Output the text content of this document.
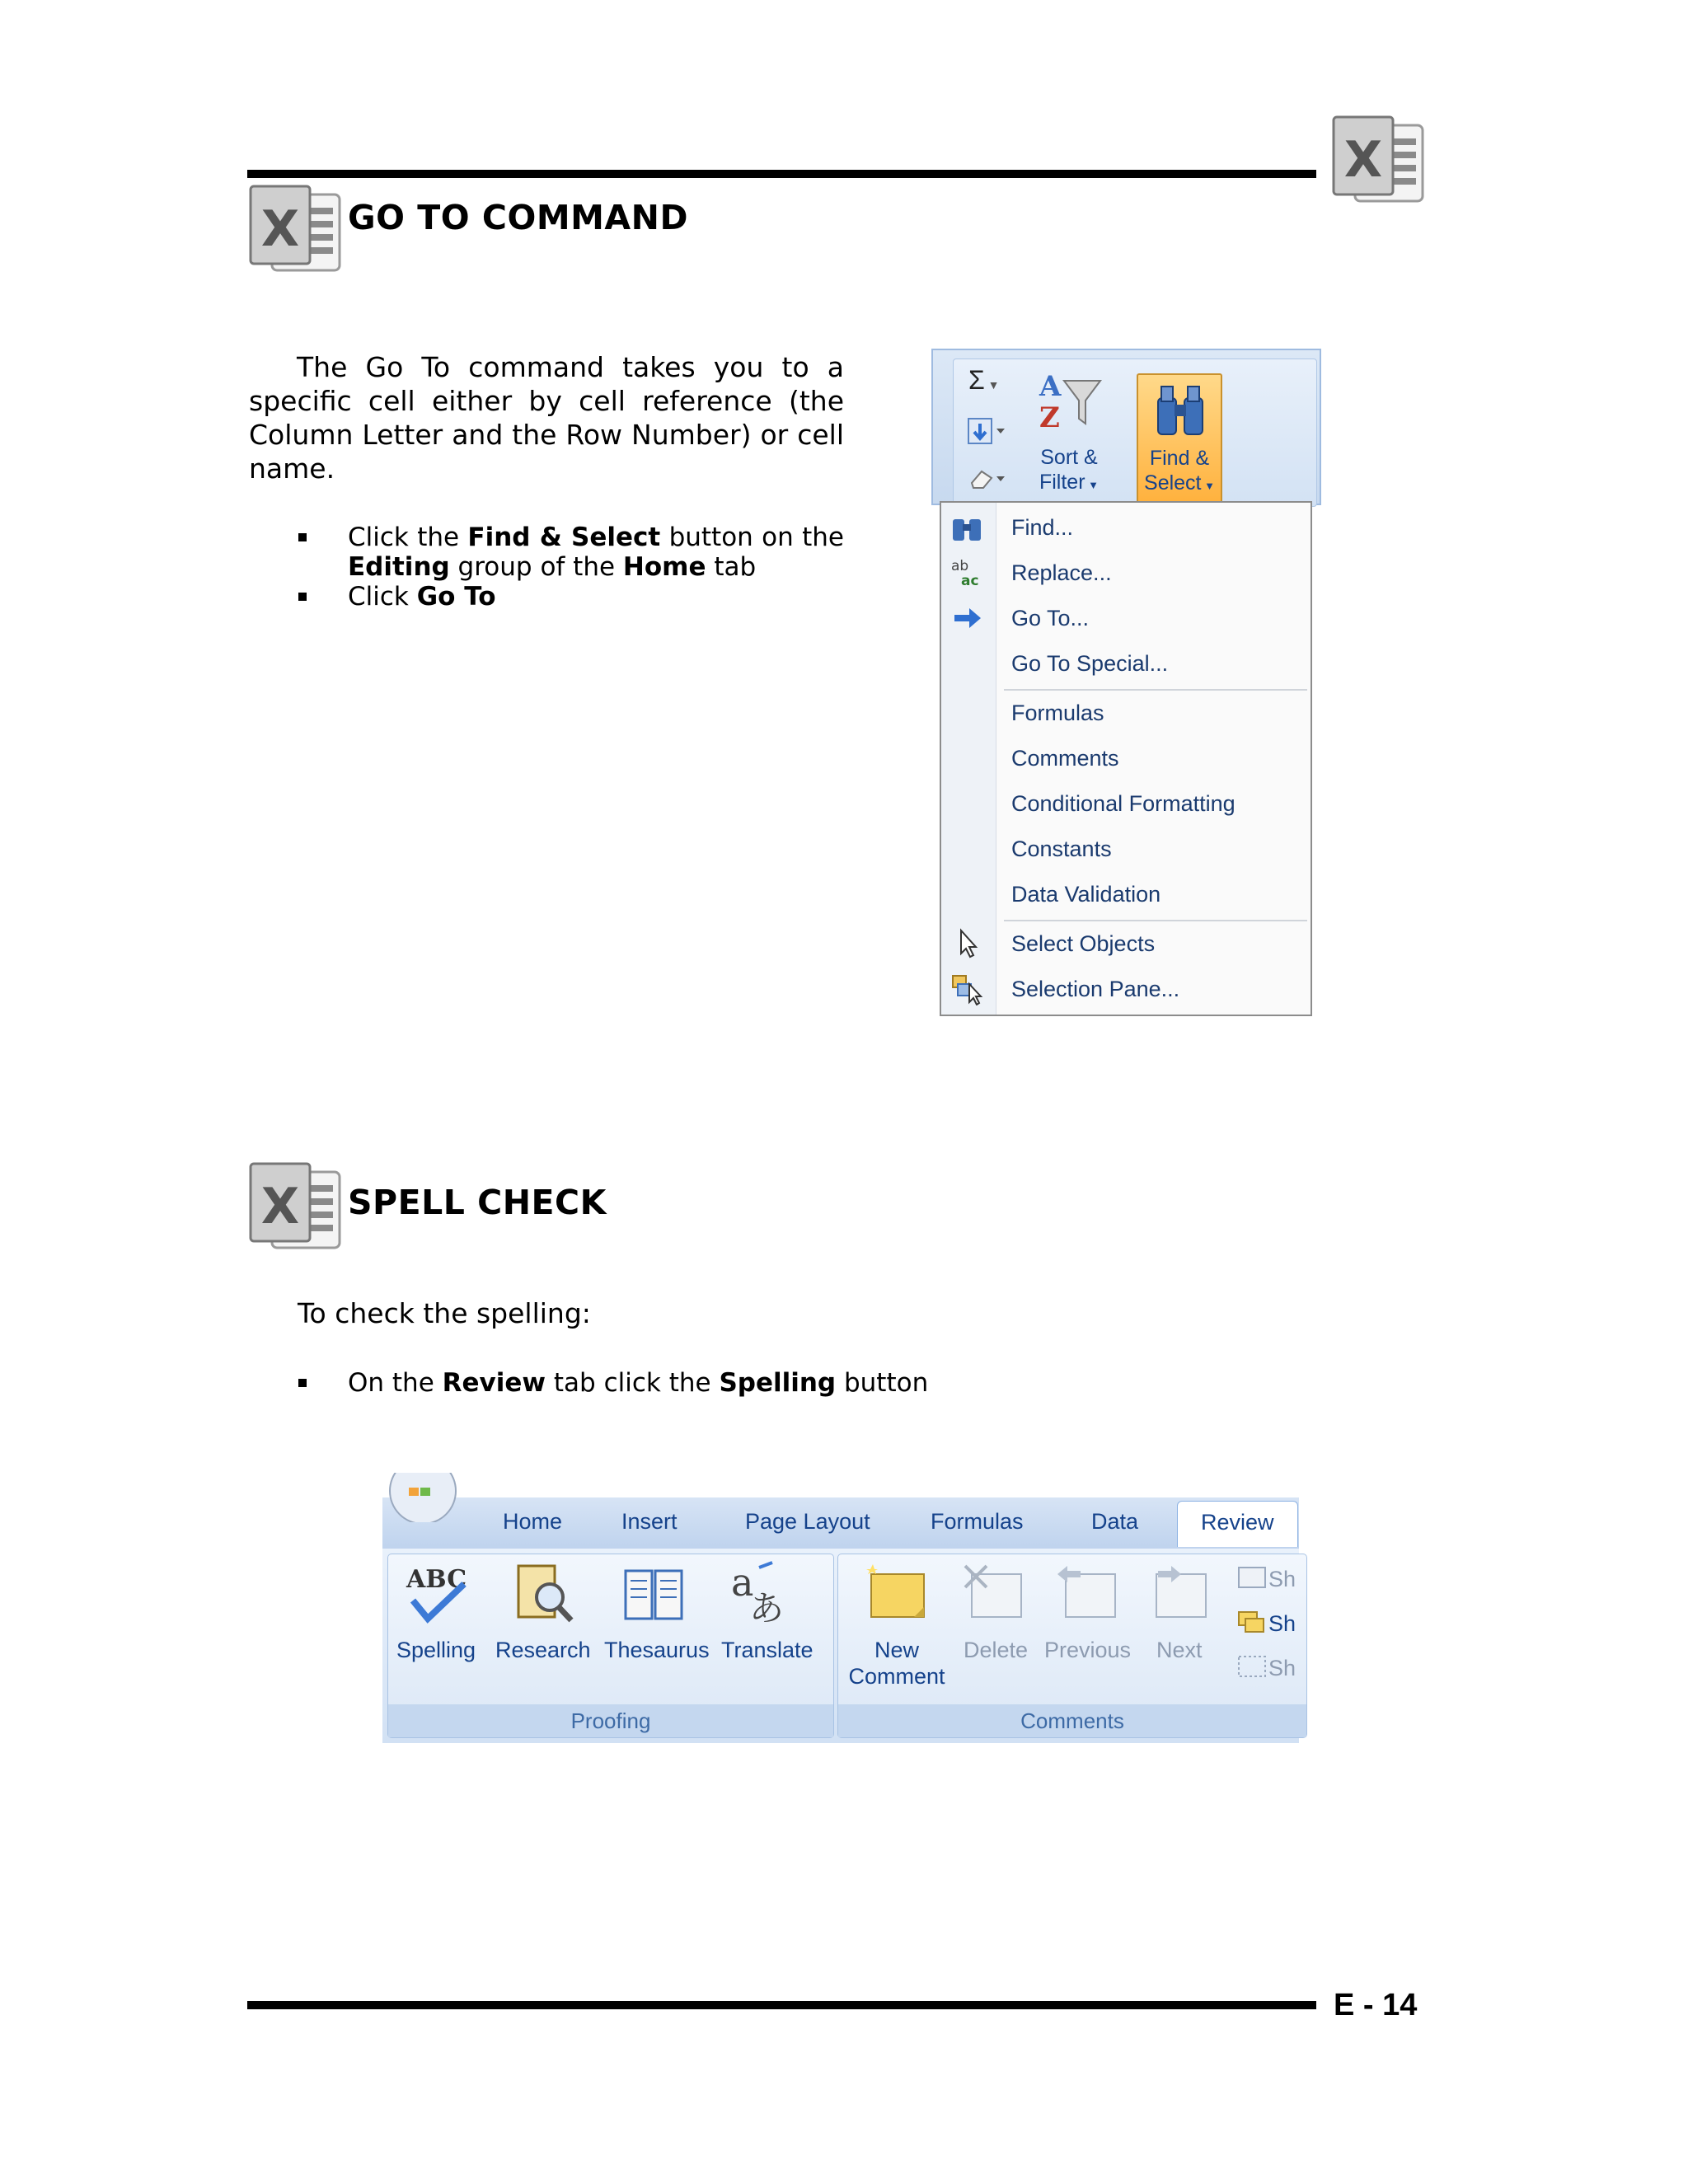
X
X GO TO COMMAND
The Go To command takes you to a specific cell either by cell reference (the Column Letter and the Row Number) or cell name.
Click the Find & Select button on the Editing group of the Home tab
Click Go To
Σ ▼ A
Z
Sort &
Filter ▼
Find &
Select ▼
Find...
ab
ac Replace...
Go To...
Go To Special...
Formulas
Comments
Conditional Formatting
Constants
Data Validation
Select Objects
Selection Pane...
X SPELL CHECK
To check the spelling:
On the Review tab click the Spelling button
Home	Insert	Page Layout	Formulas	Data	Review
ABC
Spelling Research Thesaurus
a
あ
Translate
Proofing
New
Comment
Delete Previous Next
Sh
Sh
Sh
Comments
E - 14
